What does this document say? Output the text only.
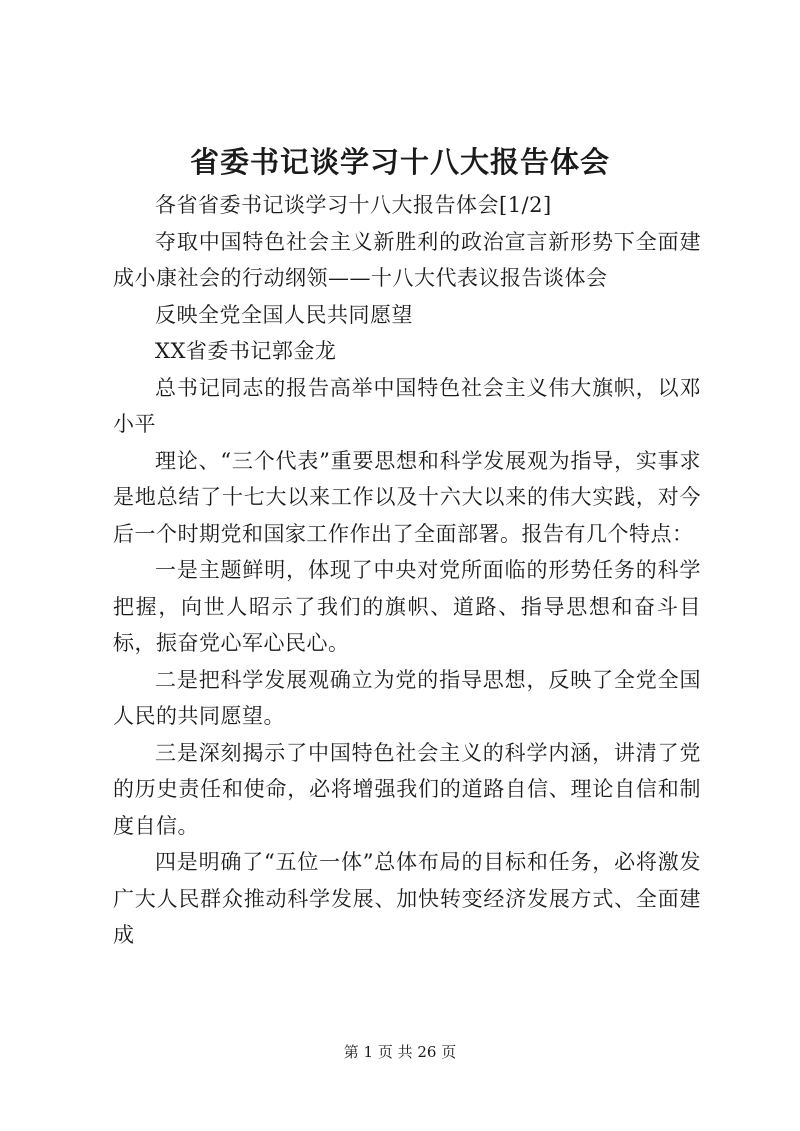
省委书记谈学习十八大报告体会

各省省委书记谈学习十八大报告体会[1/2]

夺取中国特色社会主义新胜利的政治宣言新形势下全面建成小康社会的行动纲领——十八大代表议报告谈体会

反映全党全国人民共同愿望

XX省委书记郭金龙

总书记同志的报告高举中国特色社会主义伟大旗帜，以邓小平

理论、“三个代表”重要思想和科学发展观为指导，实事求是地总结了十七大以来工作以及十六大以来的伟大实践，对今后一个时期党和国家工作作出了全面部署。报告有几个特点：

一是主题鲜明，体现了中央对党所面临的形势任务的科学把握，向世人昭示了我们的旗帜、道路、指导思想和奋斗目标，振奋党心军心民心。

二是把科学发展观确立为党的指导思想，反映了全党全国人民的共同愿望。

三是深刻揭示了中国特色社会主义的科学内涵，讲清了党的历史责任和使命，必将增强我们的道路自信、理论自信和制度自信。

四是明确了“五位一体”总体布局的目标和任务，必将激发广大人民群众推动科学发展、加快转变经济发展方式、全面建成

第 1 页 共 26 页
